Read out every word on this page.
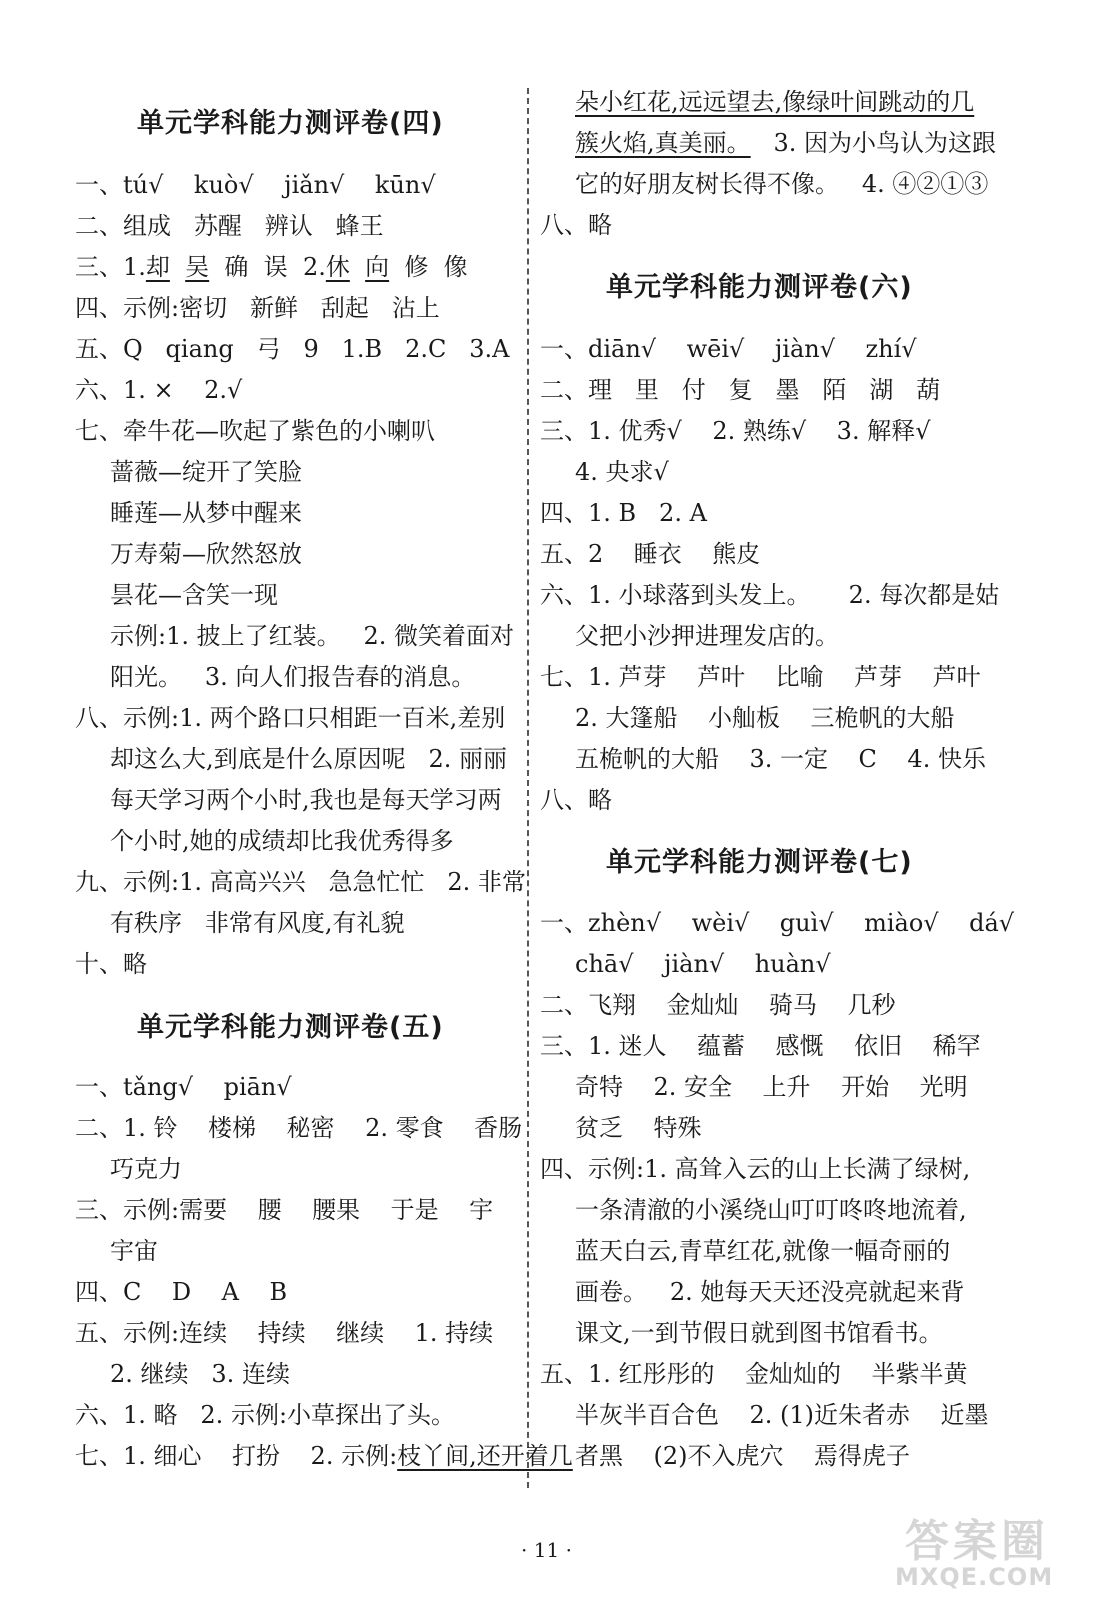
单元学科能力测评卷(四)
一、tú√    kuò√    jiǎn√    kūn√
二、组成   苏醒   辨认   蜂王
三、1.却 吴  确  误  2.休 向  修  像
四、示例:密切   新鲜   刮起   沾上
五、Q   qiang   弓   9   1.B   2.C   3.A
六、1. ×    2.√
七、牵牛花—吹起了紫色的小喇叭
蔷薇—绽开了笑脸
睡莲—从梦中醒来
万寿菊—欣然怒放
昙花—含笑一现
示例:1. 披上了红装。   2. 微笑着面对
阳光。   3. 向人们报告春的消息。
八、示例:1. 两个路口只相距一百米,差别
却这么大,到底是什么原因呢   2. 丽丽
每天学习两个小时,我也是每天学习两
个小时,她的成绩却比我优秀得多
九、示例:1. 高高兴兴   急急忙忙   2. 非常
有秩序   非常有风度,有礼貌
十、略
单元学科能力测评卷(五)
一、tǎng√    piān√
二、1. 铃    楼梯    秘密    2. 零食    香肠
巧克力
三、示例:需要    腰    腰果    于是    宇
宇宙
四、C    D    A    B
五、示例:连续    持续    继续    1. 持续
2. 继续   3. 连续
六、1. 略   2. 示例:小草探出了头。
七、1. 细心    打扮    2. 示例:枝丫间,还开着几
朵小红花,远远望去,像绿叶间跳动的几
簇火焰,真美丽。   3. 因为小鸟认为这跟
它的好朋友树长得不像。   4. ④②①③
八、略
单元学科能力测评卷(六)
一、diān√    wēi√    jiàn√    zhí√
二、理   里   付   复   墨   陌   湖   葫
三、1. 优秀√    2. 熟练√    3. 解释√
4. 央求√
四、1. B   2. A
五、2    睡衣    熊皮
六、1. 小球落到头发上。     2. 每次都是姑
父把小沙押进理发店的。
七、1. 芦芽    芦叶    比喻    芦芽    芦叶
2. 大篷船    小舢板    三桅帆的大船
五桅帆的大船    3. 一定    C    4. 快乐
八、略
单元学科能力测评卷(七)
一、zhèn√    wèi√    guì√    miào√    dá√
chā√    jiàn√    huàn√
二、飞翔    金灿灿    骑马    几秒
三、1. 迷人    蕴蓄    感慨    依旧    稀罕
奇特    2. 安全    上升    开始    光明
贫乏    特殊
四、示例:1. 高耸入云的山上长满了绿树,
一条清澈的小溪绕山叮叮咚咚地流着,
蓝天白云,青草红花,就像一幅奇丽的
画卷。   2. 她每天天还没亮就起来背
课文,一到节假日就到图书馆看书。
五、1. 红彤彤的    金灿灿的    半紫半黄
半灰半百合色    2. (1)近朱者赤    近墨
者黑    (2)不入虎穴    焉得虎子
· 11 ·	答案圈
MXQE.COM
